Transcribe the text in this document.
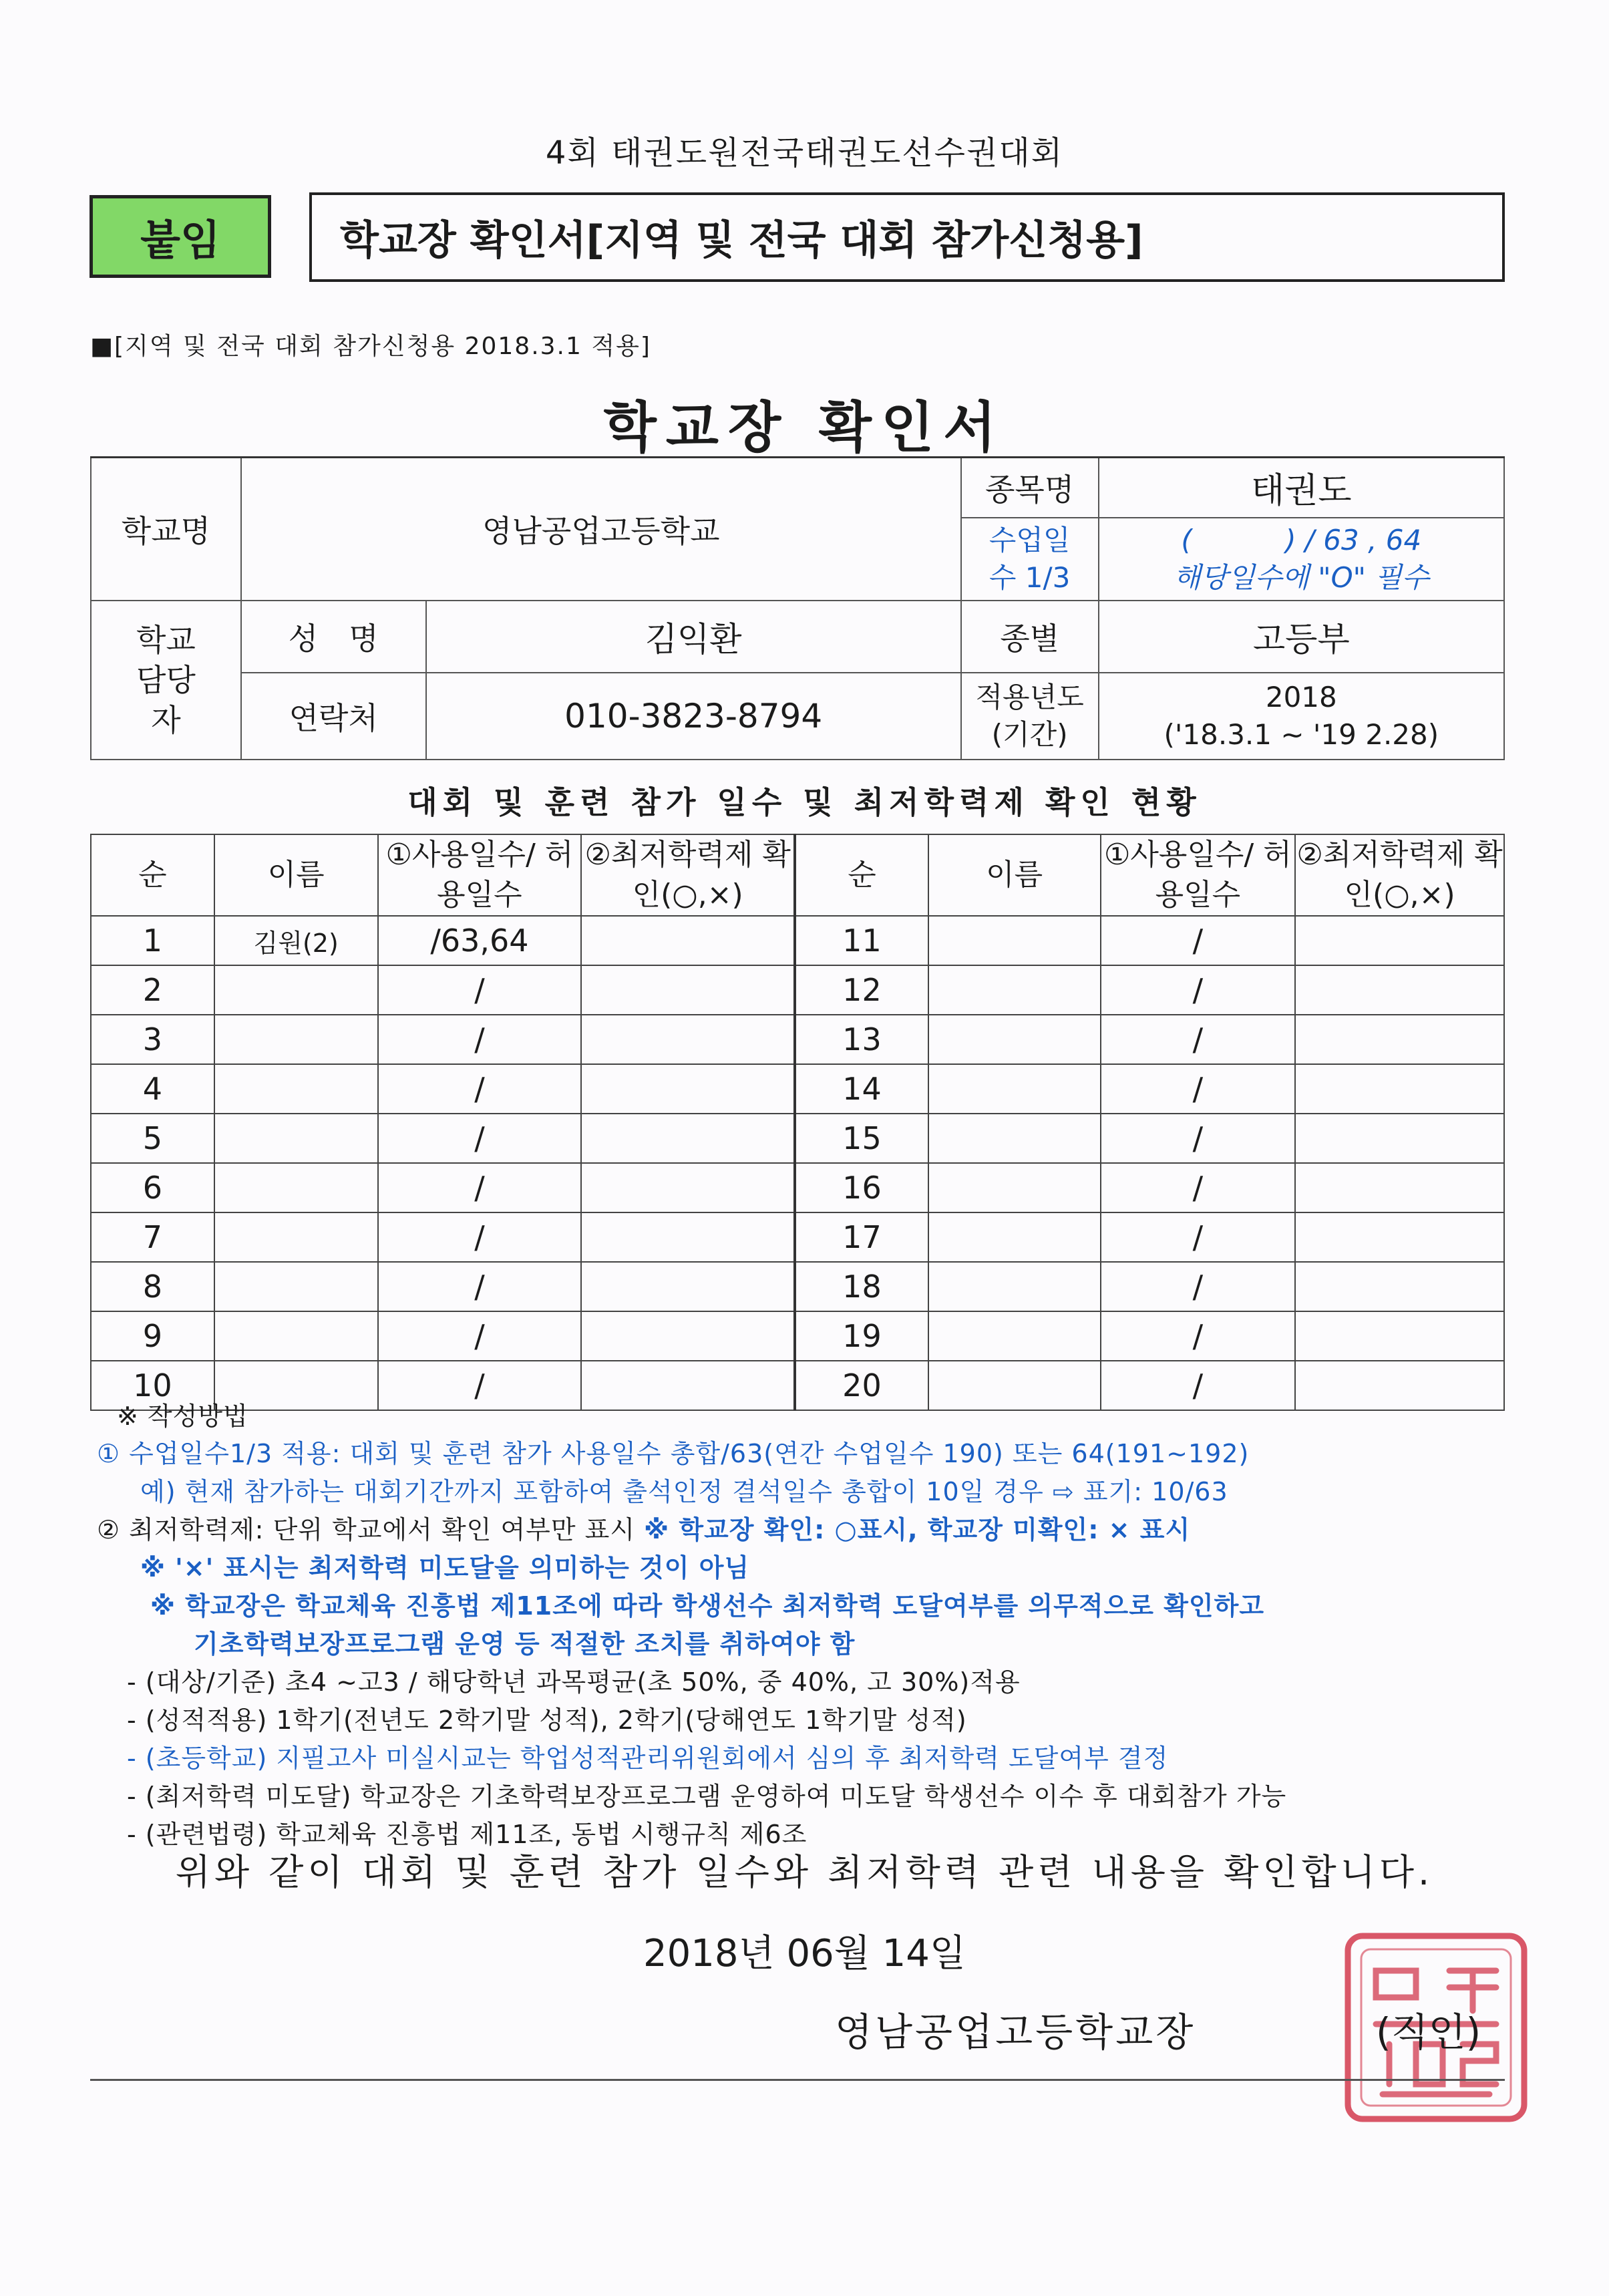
4회 태권도원전국태권도선수권대회
붙임	학교장 확인서[지역 및 전국 대회 참가신청용]
■[지역 및 전국 대회 참가신청용 2018.3.1 적용]
학교장 확인서
학교명	영남공업고등학교		종목명	태권도
			수업일수 1/3	(　　　 ) / 63 , 64
해당일수에 "O" 필수

학교 담당자	성　명	김익환	종별	고등부
	연락처	010-3823-8794	적용년도 (기간)	2018
('18.3.1 ~ '19 2.28)
대회 및 훈련 참가 일수 및 최저학력제 확인 현황
순	이름	①사용일수/ 허용일수	②최저학력제 확인(○,×)	순	이름	①사용일수/ 허용일수	②최저학력제 확인(○,×)
1	김원(2)	/63,64		11		/	
2		/		12		/	
3		/		13		/	
4		/		14		/	
5		/		15		/	
6		/		16		/	
7		/		17		/	
8		/		18		/	
9		/		19		/	
10		/		20		/	
※ 작성방법
① 수업일수1/3 적용: 대회 및 훈련 참가 사용일수 총합/63(연간 수업일수 190) 또는 64(191~192)
예) 현재 참가하는 대회기간까지 포함하여 출석인정 결석일수 총합이 10일 경우 ⇨ 표기: 10/63
② 최저학력제: 단위 학교에서 확인 여부만 표시 ※ 학교장 확인: ○표시, 학교장 미확인: × 표시
※ '×' 표시는 최저학력 미도달을 의미하는 것이 아님
※ 학교장은 학교체육 진흥법 제11조에 따라 학생선수 최저학력 도달여부를 의무적으로 확인하고
기초학력보장프로그램 운영 등 적절한 조치를 취하여야 함
- (대상/기준) 초4 ~고3 / 해당학년 과목평균(초 50%, 중 40%, 고 30%)적용
- (성적적용) 1학기(전년도 2학기말 성적), 2학기(당해연도 1학기말 성적)
- (초등학교) 지필고사 미실시교는 학업성적관리위원회에서 심의 후 최저학력 도달여부 결정
- (최저학력 미도달) 학교장은 기초학력보장프로그램 운영하여 미도달 학생선수 이수 후 대회참가 가능
- (관련법령) 학교체육 진흥법 제11조, 동법 시행규칙 제6조
위와 같이 대회 및 훈련 참가 일수와 최저학력 관련 내용을 확인합니다.
2018년 06월 14일
영남공업고등학교장	(직인)
